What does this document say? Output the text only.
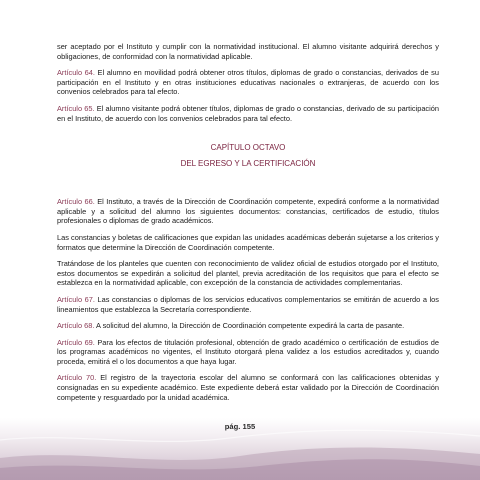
ser aceptado por el Instituto y cumplir con la normatividad institucional. El alumno visitante adquirirá derechos y obligaciones, de conformidad con la normatividad aplicable.

Artículo 64. El alumno en movilidad podrá obtener otros títulos, diplomas de grado o constancias, derivados de su participación en el Instituto y en otras instituciones educativas nacionales o extranjeras, de acuerdo con los convenios celebrados para tal efecto.

Artículo 65. El alumno visitante podrá obtener títulos, diplomas de grado o constancias, derivado de su participación en el Instituto, de acuerdo con los convenios celebrados para tal efecto.

CAPÍTULO OCTAVO
DEL EGRESO Y LA CERTIFICACIÓN

Artículo 66. El Instituto, a través de la Dirección de Coordinación competente, expedirá conforme a la normatividad aplicable y a solicitud del alumno los siguientes documentos: constancias, certificados de estudio, títulos profesionales o diplomas de grado académicos.

Las constancias y boletas de calificaciones que expidan las unidades académicas deberán sujetarse a los criterios y formatos que determine la Dirección de Coordinación competente.

Tratándose de los planteles que cuenten con reconocimiento de validez oficial de estudios otorgado por el Instituto, estos documentos se expedirán a solicitud del plantel, previa acreditación de los requisitos que para el efecto se establezca en la normatividad aplicable, con excepción de la constancia de actividades complementarias.

Artículo 67. Las constancias o diplomas de los servicios educativos complementarios se emitirán de acuerdo a los lineamientos que establezca la Secretaría correspondiente.

Artículo 68. A solicitud del alumno, la Dirección de Coordinación competente expedirá la carta de pasante.

Artículo 69. Para los efectos de titulación profesional, obtención de grado académico o certificación de estudios de los programas académicos no vigentes, el Instituto otorgará plena validez a los estudios acreditados y, cuando proceda, emitirá el o los documentos a que haya lugar.

Artículo 70. El registro de la trayectoria escolar del alumno se conformará con las calificaciones obtenidas y consignadas en su expediente académico. Este expediente deberá estar validado por la Dirección de Coordinación competente y resguardado por la unidad académica.

pág. 155
